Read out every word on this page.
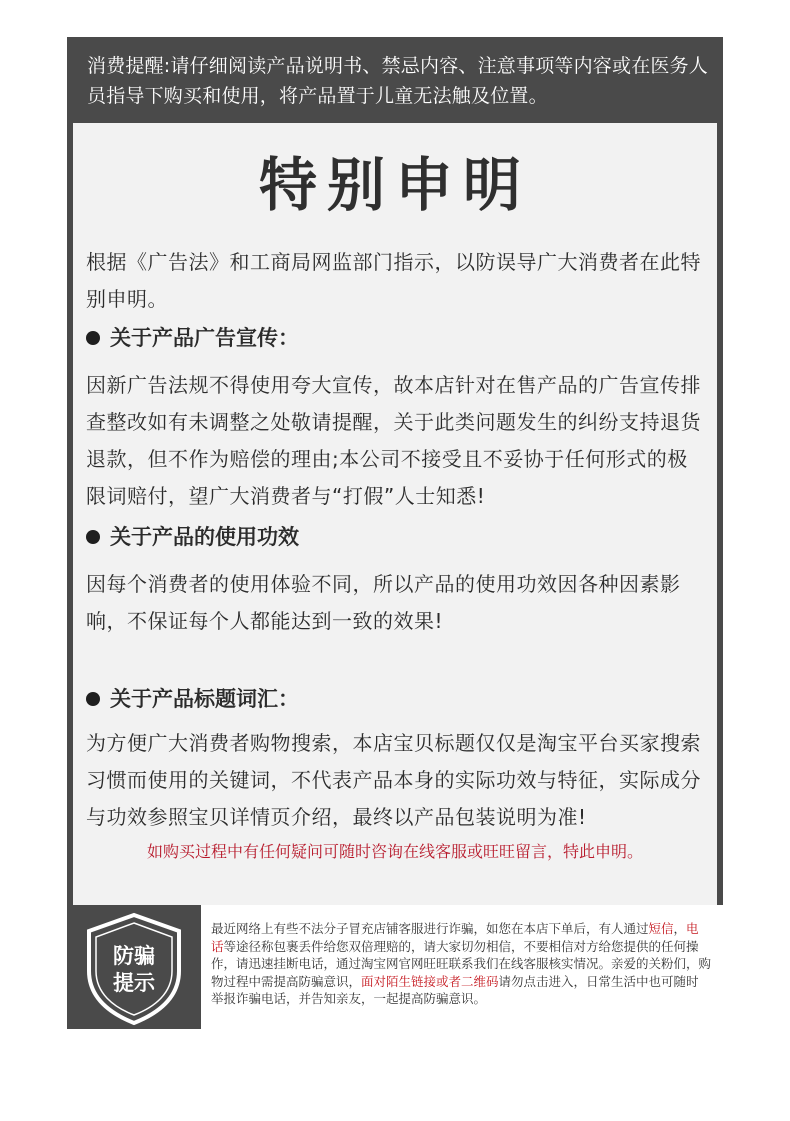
消费提醒:请仔细阅读产品说明书、禁忌内容、注意事项等内容或在医务人员指导下购买和使用，将产品置于儿童无法触及位置。
特别申明
根据《广告法》和工商局网监部门指示，以防误导广大消费者在此特别申明。
关于产品广告宣传：
因新广告法规不得使用夸大宣传，故本店针对在售产品的广告宣传排查整改如有未调整之处敬请提醒，关于此类问题发生的纠纷支持退货退款，但不作为赔偿的理由;本公司不接受且不妥协于任何形式的极限词赔付，望广大消费者与“打假”人士知悉!
关于产品的使用功效
因每个消费者的使用体验不同，所以产品的使用功效因各种因素影响，不保证每个人都能达到一致的效果!
关于产品标题词汇：
为方便广大消费者购物搜索，本店宝贝标题仅仅是淘宝平台买家搜索习惯而使用的关键词，不代表产品本身的实际功效与特征，实际成分与功效参照宝贝详情页介绍，最终以产品包装说明为准!
如购买过程中有任何疑问可随时咨询在线客服或旺旺留言，特此申明。
防骗
提示
最近网络上有些不法分子冒充店铺客服进行诈骗，如您在本店下单后，有人通过短信，电话等途径称包裹丢件给您双倍理赔的，请大家切勿相信，不要相信对方给您提供的任何操作，请迅速挂断电话，通过淘宝网官网旺旺联系我们在线客服核实情况。亲爱的关粉们，购物过程中需提高防骗意识，面对陌生链接或者二维码请勿点击进入，日常生活中也可随时举报诈骗电话，并告知亲友，一起提高防骗意识。
